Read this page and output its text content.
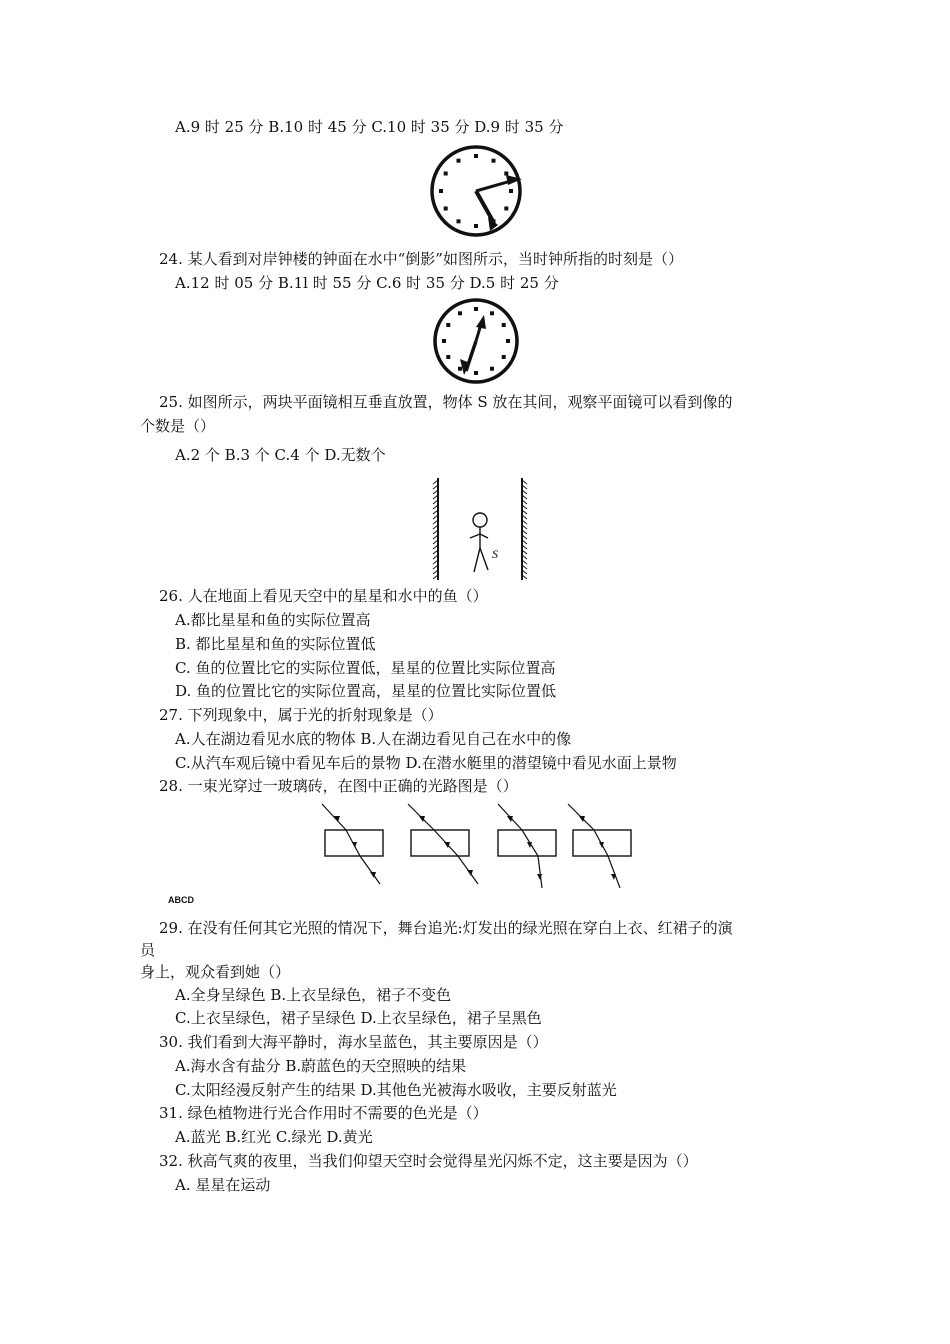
A.9 时 25 分 B.10 时 45 分 C.10 时 35 分 D.9 时 35 分
24. 某人看到对岸钟楼的钟面在水中“倒影”如图所示，当时钟所指的时刻是（）
A.12 时 05 分 B.1l 时 55 分 C.6 时 35 分 D.5 时 25 分
25. 如图所示，两块平面镜相互垂直放置，物体 S 放在其间，观察平面镜可以看到像的
个数是（）
A.2 个 B.3 个 C.4 个 D.无数个
S
26. 人在地面上看见天空中的星星和水中的鱼（）
A.都比星星和鱼的实际位置高
B. 都比星星和鱼的实际位置低
C. 鱼的位置比它的实际位置低，星星的位置比实际位置高
D. 鱼的位置比它的实际位置高，星星的位置比实际位置低
27. 下列现象中，属于光的折射现象是（）
A.人在湖边看见水底的物体 B.人在湖边看见自己在水中的像
C.从汽车观后镜中看见车后的景物 D.在潜水艇里的潜望镜中看见水面上景物
28. 一束光穿过一玻璃砖，在图中正确的光路图是（）
ABCD
29. 在没有任何其它光照的情况下，舞台追光:灯发出的绿光照在穿白上衣、红裙子的演
员
身上，观众看到她（）
A.全身呈绿色 B.上衣呈绿色，裙子不变色
C.上衣呈绿色，裙子呈绿色 D.上衣呈绿色，裙子呈黑色
30. 我们看到大海平静时，海水呈蓝色，其主要原因是（）
A.海水含有盐分 B.蔚蓝色的天空照映的结果
C.太阳经漫反射产生的结果 D.其他色光被海水吸收，主要反射蓝光
31. 绿色植物进行光合作用时不需要的色光是（）
A.蓝光 B.红光 C.绿光 D.黄光
32. 秋高气爽的夜里，当我们仰望天空时会觉得星光闪烁不定，这主要是因为（）
A. 星星在运动
